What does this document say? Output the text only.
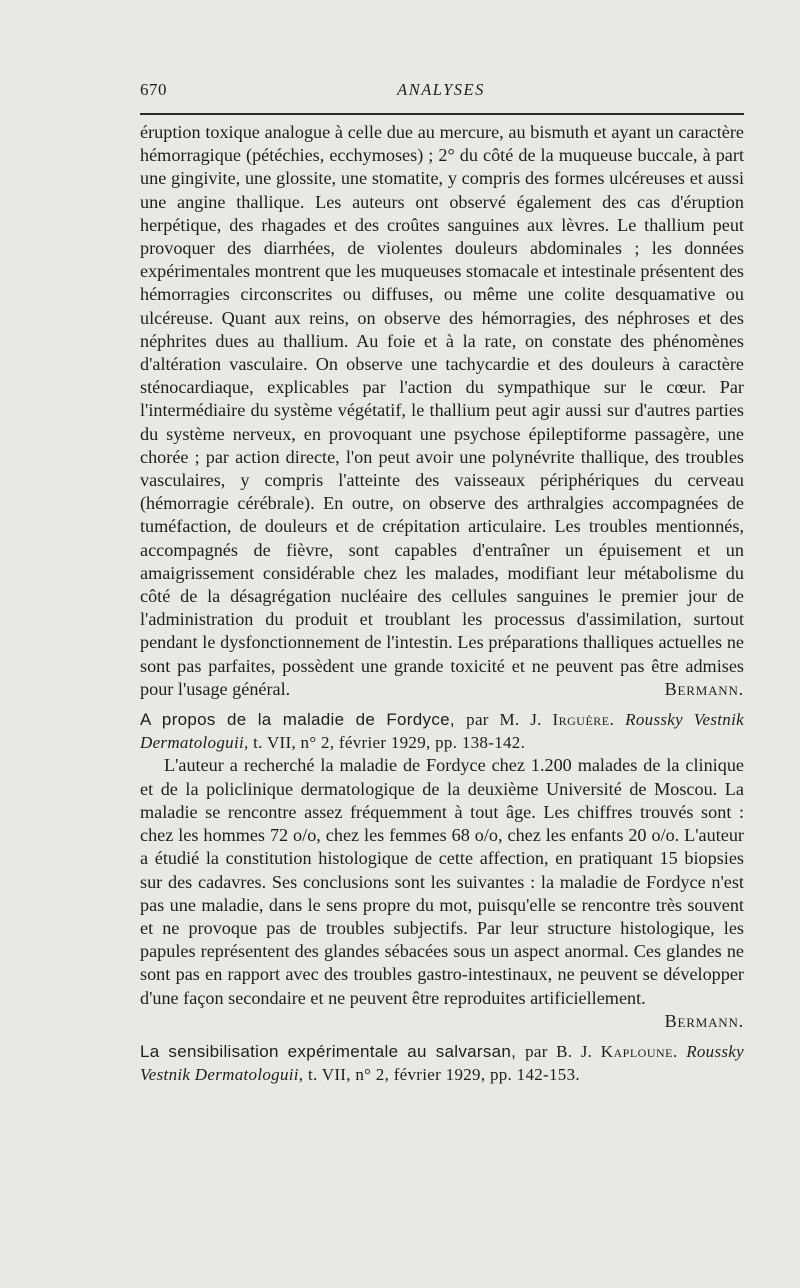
670	ANALYSES

éruption toxique analogue à celle due au mercure, au bismuth et ayant un caractère hémorragique (pétéchies, ecchymoses) ; 2° du côté de la muqueuse buccale, à part une gingivite, une glossite, une stomatite, y compris des formes ulcéreuses et aussi une angine thallique. Les auteurs ont observé également des cas d'éruption herpétique, des rhagades et des croûtes sanguines aux lèvres. Le thallium peut provoquer des diarrhées, de violentes douleurs abdominales ; les données expérimentales montrent que les muqueuses stomacale et intestinale présentent des hémorragies circonscrites ou diffuses, ou même une colite desquamative ou ulcéreuse. Quant aux reins, on observe des hémorragies, des néphroses et des néphrites dues au thallium. Au foie et à la rate, on constate des phénomènes d'altération vasculaire. On observe une tachycardie et des douleurs à caractère sténocardiaque, explicables par l'action du sympathique sur le cœur. Par l'intermédiaire du système végétatif, le thallium peut agir aussi sur d'autres parties du système nerveux, en provoquant une psychose épileptiforme passagère, une chorée ; par action directe, l'on peut avoir une polynévrite thallique, des troubles vasculaires, y compris l'atteinte des vaisseaux périphériques du cerveau (hémorragie cérébrale). En outre, on observe des arthralgies accompagnées de tuméfaction, de douleurs et de crépitation articulaire. Les troubles mentionnés, accompagnés de fièvre, sont capables d'entraîner un épuisement et un amaigrissement considérable chez les malades, modifiant leur métabolisme du côté de la désagrégation nucléaire des cellules sanguines le premier jour de l'administration du produit et troublant les processus d'assimilation, surtout pendant le dysfonctionnement de l'intestin. Les préparations thalliques actuelles ne sont pas parfaites, possèdent une grande toxicité et ne peuvent pas être admises pour l'usage général.	Bermann.

A propos de la maladie de Fordyce, par M. J. Irguère. Roussky Vestnik Dermatologuii, t. VII, n° 2, février 1929, pp. 138-142.

L'auteur a recherché la maladie de Fordyce chez 1.200 malades de la clinique et de la policlinique dermatologique de la deuxième Université de Moscou. La maladie se rencontre assez fréquemment à tout âge. Les chiffres trouvés sont : chez les hommes 72 o/o, chez les femmes 68 o/o, chez les enfants 20 o/o. L'auteur a étudié la constitution histologique de cette affection, en pratiquant 15 biopsies sur des cadavres. Ses conclusions sont les suivantes : la maladie de Fordyce n'est pas une maladie, dans le sens propre du mot, puisqu'elle se rencontre très souvent et ne provoque pas de troubles subjectifs. Par leur structure histologique, les papules représentent des glandes sébacées sous un aspect anormal. Ces glandes ne sont pas en rapport avec des troubles gastro-intestinaux, ne peuvent se développer d'une façon secondaire et ne peuvent être reproduites artificiellement.

Bermann.

La sensibilisation expérimentale au salvarsan, par B. J. Kaploune. Roussky Vestnik Dermatologuii, t. VII, n° 2, février 1929, pp. 142-153.
